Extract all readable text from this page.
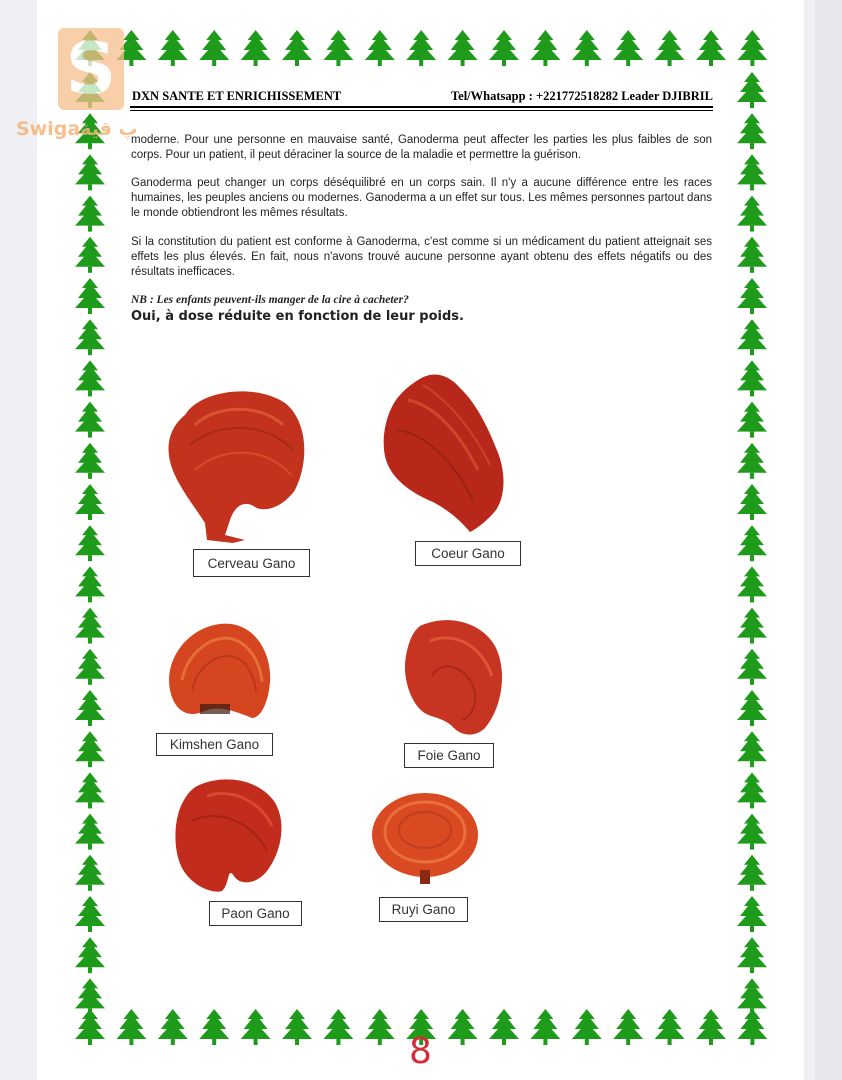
S
Swigaپ قية
DXN SANTE ET ENRICHISSEMENT	Tel/Whatsapp : +221772518282 Leader DJIBRIL

moderne. Pour une personne en mauvaise santé, Ganoderma peut affecter les parties les plus faibles de son corps. Pour un patient, il peut déraciner la source de la maladie et permettre la guérison.

Ganoderma peut changer un corps déséquilibré en un corps sain. Il n'y a aucune différence entre les races humaines, les peuples anciens ou modernes. Ganoderma a un effet sur tous. Les mêmes personnes partout dans le monde obtiendront les mêmes résultats.

Si la constitution du patient est conforme à Ganoderma, c'est comme si un médicament du patient atteignait ses effets les plus élevés. En fait, nous n'avons trouvé aucune personne ayant obtenu des effets négatifs ou des résultats inefficaces.

NB : Les enfants peuvent-ils manger de la cire à cacheter?
Oui, à dose réduite en fonction de leur poids.
Cerveau Gano
Coeur Gano
Kimshen Gano
Foie Gano
Paon Gano	Ruyi Gano
8
